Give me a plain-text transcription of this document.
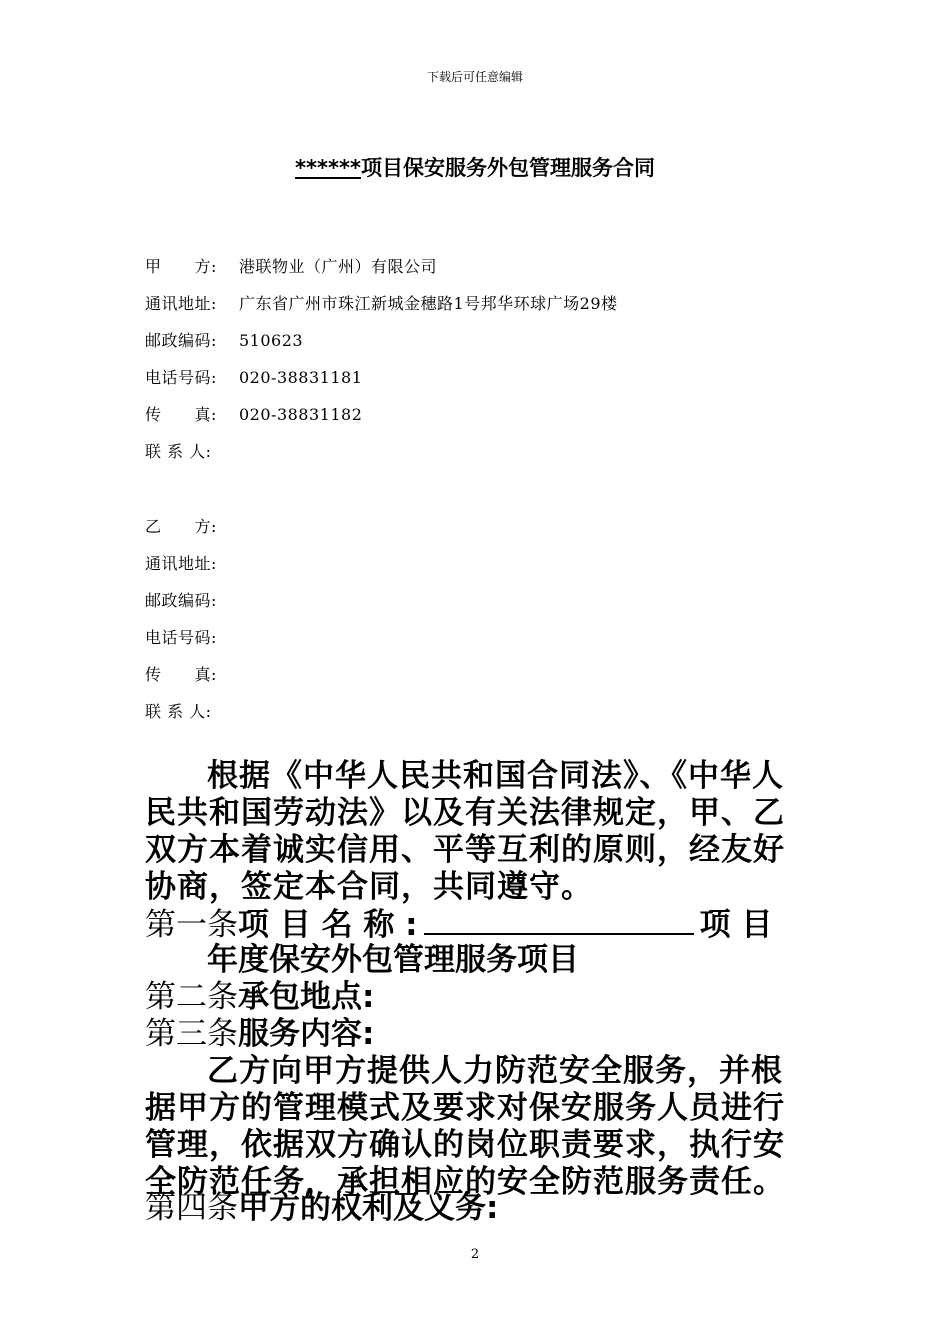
下载后可任意编辑
******项目保安服务外包管理服务合同
甲　　方: 港联物业（广州）有限公司
通讯地址: 广东省广州市珠江新城金穗路1号邦华环球广场29楼
邮政编码: 510623
电话号码: 020-38831181
传　　真: 020-38831182
联 系 人:
乙　　方:
通讯地址:
邮政编码:
电话号码:
传　　真:
联 系 人:
根据《中华人民共和国合同法》、《中华人民共和国劳动法》以及有关法律规定，甲、乙双方本着诚实信用、平等互利的原则，经友好协商，签定本合同，共同遵守。
第一条项 目 名 称 :	项 目
年度保安外包管理服务项目
第二条承包地点:
第三条服务内容:
乙方向甲方提供人力防范安全服务，并根据甲方的管理模式及要求对保安服务人员进行管理，依据双方确认的岗位职责要求，执行安全防范任务，承担相应的安全防范服务责任。
第四条甲方的权利及义务:
2
